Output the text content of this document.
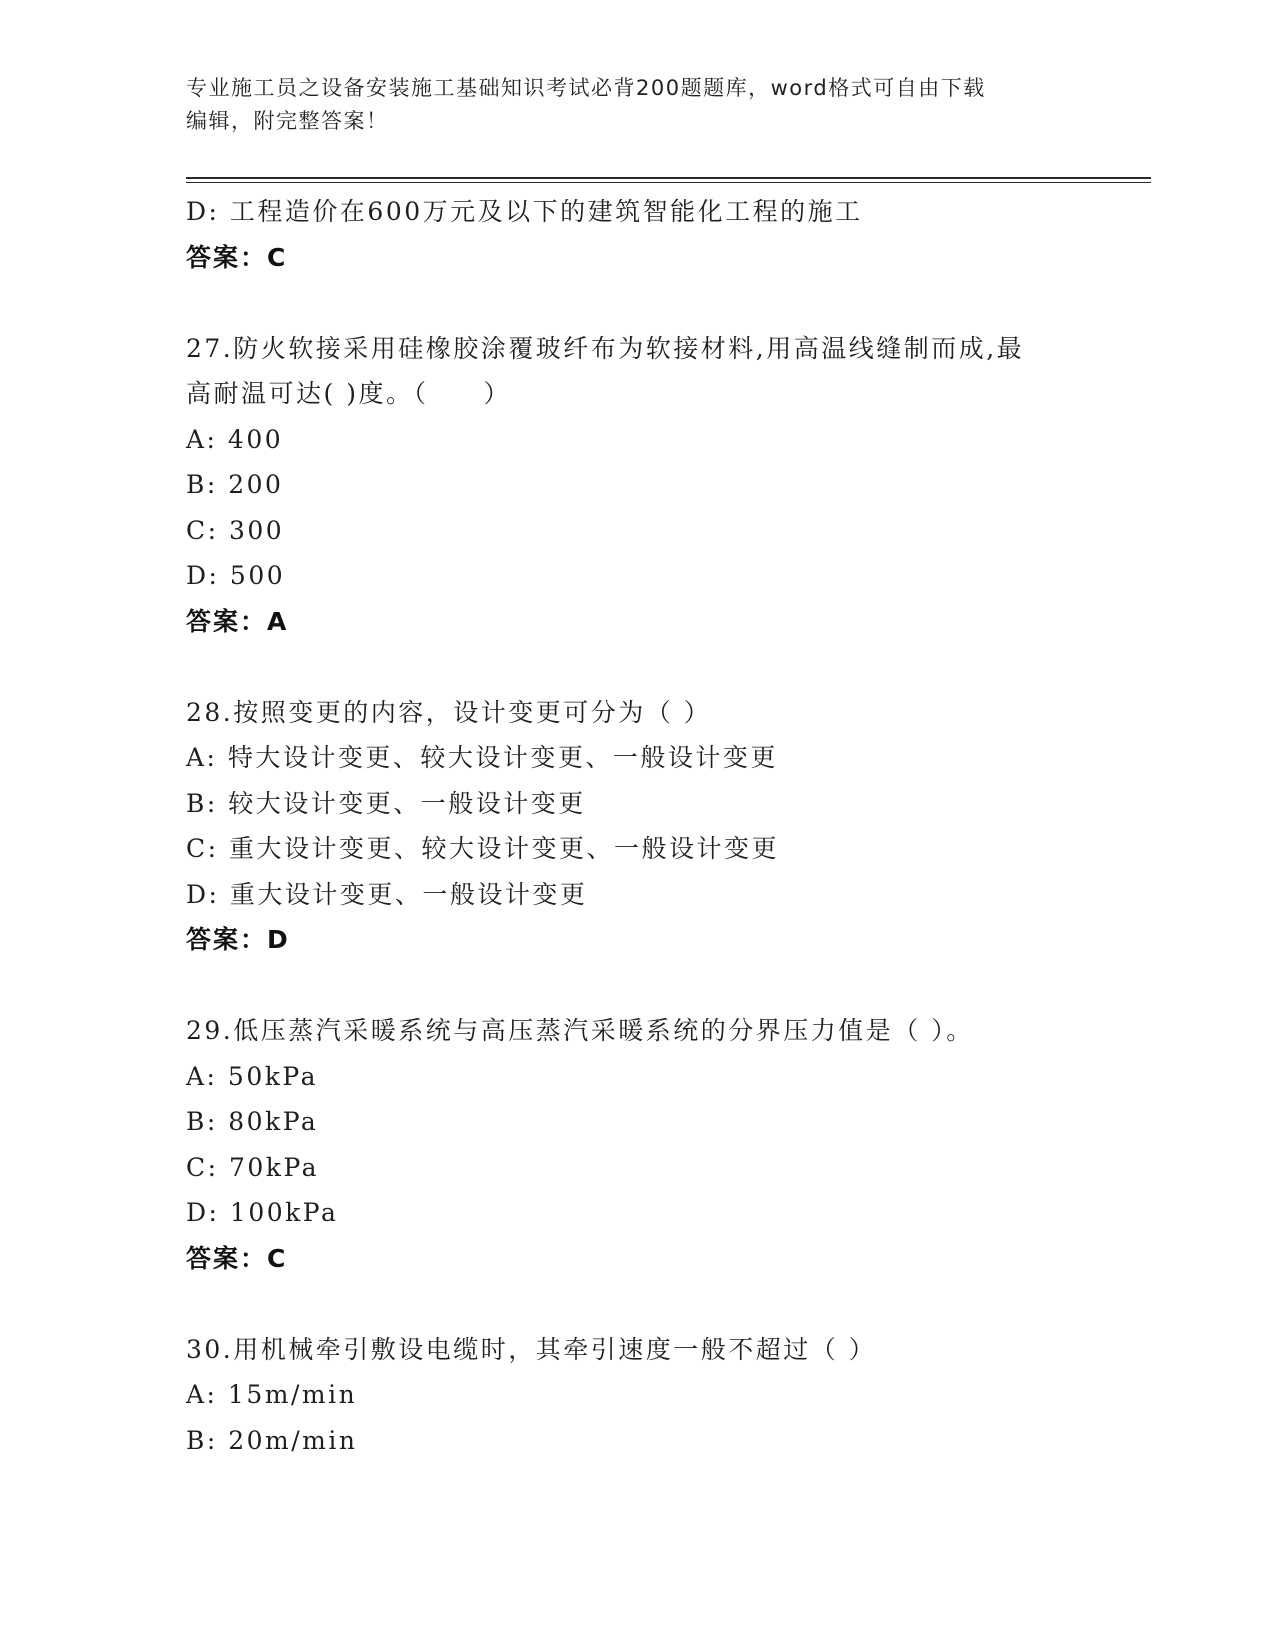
专业施工员之设备安装施工基础知识考试必背200题题库，word格式可自由下载
编辑，附完整答案！
D: 工程造价在600万元及以下的建筑智能化工程的施工
答案：C
27.防火软接采用硅橡胶涂覆玻纤布为软接材料,用高温线缝制而成,最
高耐温可达( )度。（　　）
A: 400
B: 200
C: 300
D: 500
答案：A
28.按照变更的内容，设计变更可分为（ ）
A: 特大设计变更、较大设计变更、一般设计变更
B: 较大设计变更、一般设计变更
C: 重大设计变更、较大设计变更、一般设计变更
D: 重大设计变更、一般设计变更
答案：D
29.低压蒸汽采暖系统与高压蒸汽采暖系统的分界压力值是（ ）。
A: 50kPa
B: 80kPa
C: 70kPa
D: 100kPa
答案：C
30.用机械牵引敷设电缆时，其牵引速度一般不超过（ ）
A: 15m/min
B: 20m/min
